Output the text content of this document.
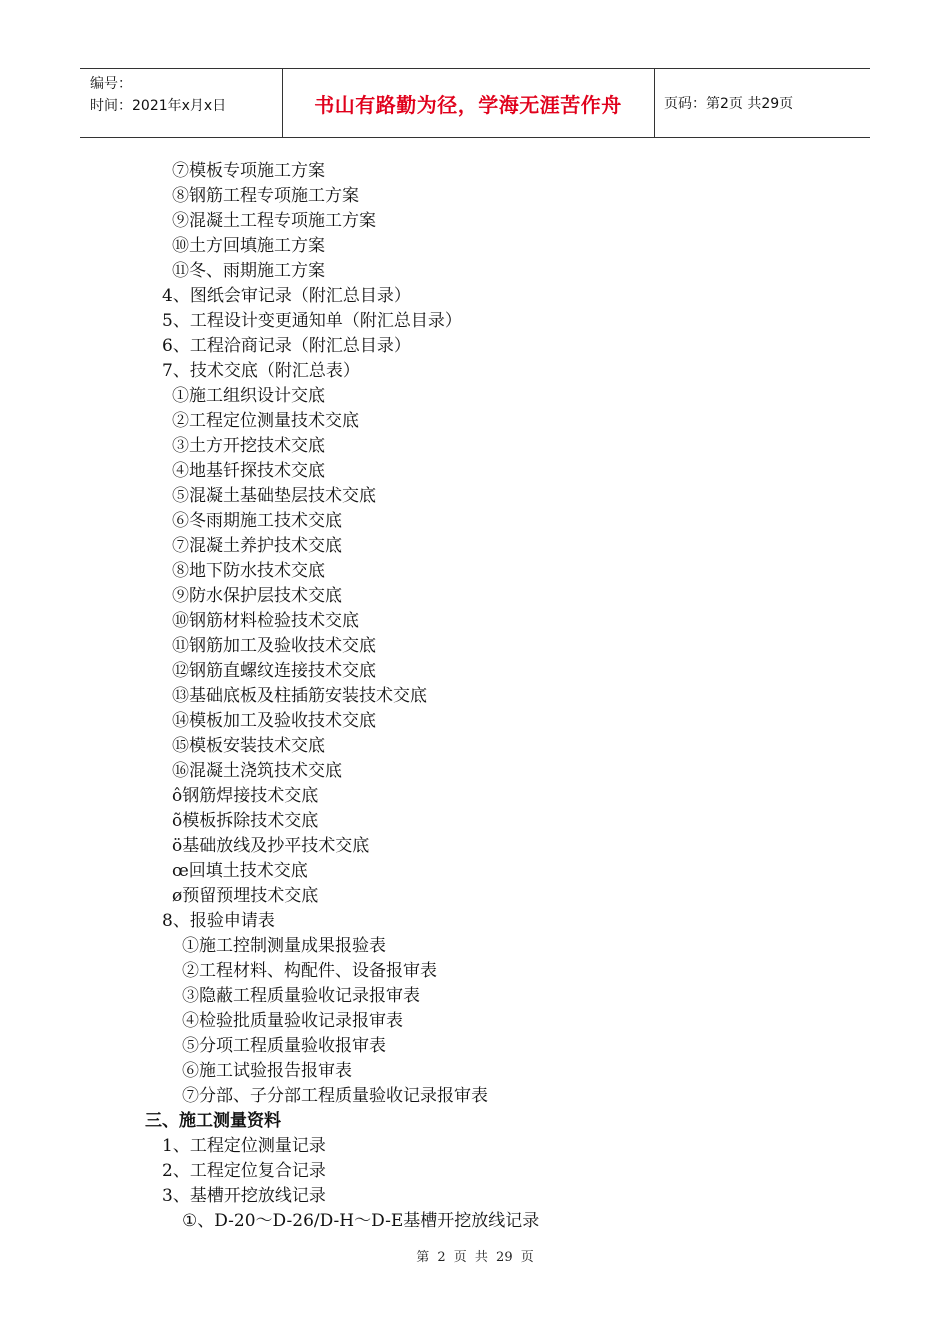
编号：
时间：2021年x月x日	书山有路勤为径，学海无涯苦作舟	页码：第2页 共29页
⑦模板专项施工方案
⑧钢筋工程专项施工方案
⑨混凝土工程专项施工方案
⑩土方回填施工方案
⑪冬、雨期施工方案
4、图纸会审记录（附汇总目录）
5、工程设计变更通知单（附汇总目录）
6、工程洽商记录（附汇总目录）
7、技术交底（附汇总表）
①施工组织设计交底
②工程定位测量技术交底
③土方开挖技术交底
④地基钎探技术交底
⑤混凝土基础垫层技术交底
⑥冬雨期施工技术交底
⑦混凝土养护技术交底
⑧地下防水技术交底
⑨防水保护层技术交底
⑩钢筋材料检验技术交底
⑪钢筋加工及验收技术交底
⑫钢筋直螺纹连接技术交底
⑬基础底板及柱插筋安装技术交底
⑭模板加工及验收技术交底
⑮模板安装技术交底
⑯混凝土浇筑技术交底
ô钢筋焊接技术交底
õ模板拆除技术交底
ö基础放线及抄平技术交底
œ回填土技术交底
ø预留预埋技术交底
8、报验申请表
①施工控制测量成果报验表
②工程材料、构配件、设备报审表
③隐蔽工程质量验收记录报审表
④检验批质量验收记录报审表
⑤分项工程质量验收报审表
⑥施工试验报告报审表
⑦分部、子分部工程质量验收记录报审表
三、施工测量资料
1、工程定位测量记录
2、工程定位复合记录
3、基槽开挖放线记录
①、D-20～D-26/D-H～D-E基槽开挖放线记录
第 2 页 共 29 页
